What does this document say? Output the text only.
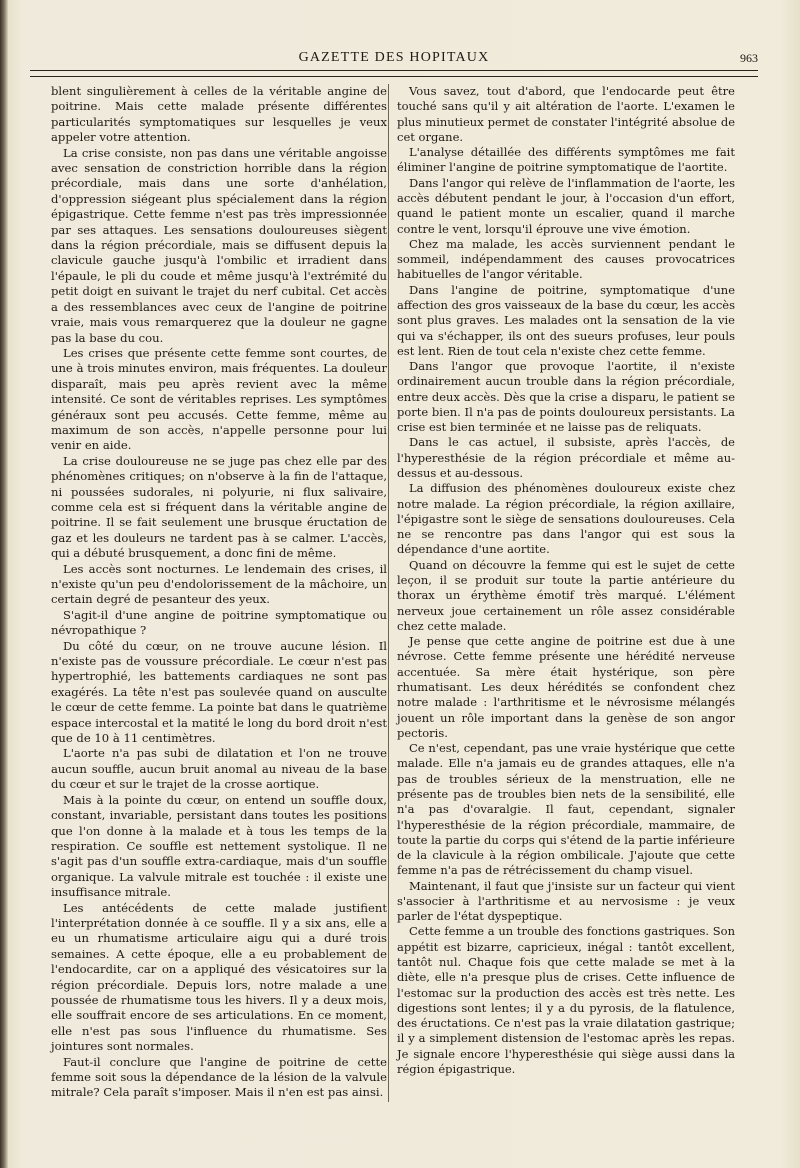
GAZETTE DES HOPITAUX	963

blent singulièrement à celles de la véritable angine de poitrine. Mais cette malade présente différentes particularités symptomatiques sur lesquelles je veux appeler votre attention.

La crise consiste, non pas dans une véritable angoisse avec sensation de constriction horrible dans la région précordiale, mais dans une sorte d'anhélation, d'oppression siégeant plus spécialement dans la région épigastrique. Cette femme n'est pas très impressionnée par ses attaques. Les sensations douloureuses siègent dans la région précordiale, mais se diffusent depuis la clavicule gauche jusqu'à l'ombilic et irradient dans l'épaule, le pli du coude et même jusqu'à l'extrémité du petit doigt en suivant le trajet du nerf cubital. Cet accès a des ressemblances avec ceux de l'angine de poitrine vraie, mais vous remarquerez que la douleur ne gagne pas la base du cou.

Les crises que présente cette femme sont courtes, de une à trois minutes environ, mais fréquentes. La douleur disparaît, mais peu après revient avec la même intensité. Ce sont de véritables reprises. Les symptômes généraux sont peu accusés. Cette femme, même au maximum de son accès, n'appelle personne pour lui venir en aide.

La crise douloureuse ne se juge pas chez elle par des phénomènes critiques; on n'observe à la fin de l'attaque, ni poussées sudorales, ni polyurie, ni flux salivaire, comme cela est si fréquent dans la véritable angine de poitrine. Il se fait seulement une brusque éructation de gaz et les douleurs ne tardent pas à se calmer. L'accès, qui a débuté brusquement, a donc fini de même.

Les accès sont nocturnes. Le lendemain des crises, il n'existe qu'un peu d'endolorissement de la mâchoire, un certain degré de pesanteur des yeux.

S'agit-il d'une angine de poitrine symptomatique ou névropathique ?

Du côté du cœur, on ne trouve aucune lésion. Il n'existe pas de voussure précordiale. Le cœur n'est pas hypertrophié, les battements cardiaques ne sont pas exagérés. La tête n'est pas soulevée quand on ausculte le cœur de cette femme. La pointe bat dans le quatrième espace intercostal et la matité le long du bord droit n'est que de 10 à 11 centimètres.

L'aorte n'a pas subi de dilatation et l'on ne trouve aucun souffle, aucun bruit anomal au niveau de la base du cœur et sur le trajet de la crosse aortique.

Mais à la pointe du cœur, on entend un souffle doux, constant, invariable, persistant dans toutes les positions que l'on donne à la malade et à tous les temps de la respiration. Ce souffle est nettement systolique. Il ne s'agit pas d'un souffle extra-cardiaque, mais d'un souffle organique. La valvule mitrale est touchée : il existe une insuffisance mitrale.

Les antécédents de cette malade justifient l'interprétation donnée à ce souffle. Il y a six ans, elle a eu un rhumatisme articulaire aigu qui a duré trois semaines. A cette époque, elle a eu probablement de l'endocardite, car on a appliqué des vésicatoires sur la région précordiale. Depuis lors, notre malade a une poussée de rhumatisme tous les hivers. Il y a deux mois, elle souffrait encore de ses articulations. En ce moment, elle n'est pas sous l'influence du rhumatisme. Ses jointures sont normales.

Faut-il conclure que l'angine de poitrine de cette femme soit sous la dépendance de la lésion de la valvule mitrale? Cela paraît s'imposer. Mais il n'en est pas ainsi.

Vous savez, tout d'abord, que l'endocarde peut être touché sans qu'il y ait altération de l'aorte. L'examen le plus minutieux permet de constater l'intégrité absolue de cet organe.

L'analyse détaillée des différents symptômes me fait éliminer l'angine de poitrine symptomatique de l'aortite.

Dans l'angor qui relève de l'inflammation de l'aorte, les accès débutent pendant le jour, à l'occasion d'un effort, quand le patient monte un escalier, quand il marche contre le vent, lorsqu'il éprouve une vive émotion.

Chez ma malade, les accès surviennent pendant le sommeil, indépendamment des causes provocatrices habituelles de l'angor véritable.

Dans l'angine de poitrine, symptomatique d'une affection des gros vaisseaux de la base du cœur, les accès sont plus graves. Les malades ont la sensation de la vie qui va s'échapper, ils ont des sueurs profuses, leur pouls est lent. Rien de tout cela n'existe chez cette femme.

Dans l'angor que provoque l'aortite, il n'existe ordinairement aucun trouble dans la région précordiale, entre deux accès. Dès que la crise a disparu, le patient se porte bien. Il n'a pas de points douloureux persistants. La crise est bien terminée et ne laisse pas de reliquats.

Dans le cas actuel, il subsiste, après l'accès, de l'hyperesthésie de la région précordiale et même au-dessus et au-dessous.

La diffusion des phénomènes douloureux existe chez notre malade. La région précordiale, la région axillaire, l'épigastre sont le siège de sensations douloureuses. Cela ne se rencontre pas dans l'angor qui est sous la dépendance d'une aortite.

Quand on découvre la femme qui est le sujet de cette leçon, il se produit sur toute la partie antérieure du thorax un érythème émotif très marqué. L'élément nerveux joue certainement un rôle assez considérable chez cette malade.

Je pense que cette angine de poitrine est due à une névrose. Cette femme présente une hérédité nerveuse accentuée. Sa mère était hystérique, son père rhumatisant. Les deux hérédités se confondent chez notre malade : l'arthritisme et le névrosisme mélangés jouent un rôle important dans la genèse de son angor pectoris.

Ce n'est, cependant, pas une vraie hystérique que cette malade. Elle n'a jamais eu de grandes attaques, elle n'a pas de troubles sérieux de la menstruation, elle ne présente pas de troubles bien nets de la sensibilité, elle n'a pas d'ovaralgie. Il faut, cependant, signaler l'hyperesthésie de la région précordiale, mammaire, de toute la partie du corps qui s'étend de la partie inférieure de la clavicule à la région ombilicale. J'ajoute que cette femme n'a pas de rétrécissement du champ visuel.

Maintenant, il faut que j'insiste sur un facteur qui vient s'associer à l'arthritisme et au nervosisme : je veux parler de l'état dyspeptique.

Cette femme a un trouble des fonctions gastriques. Son appétit est bizarre, capricieux, inégal : tantôt excellent, tantôt nul. Chaque fois que cette malade se met à la diète, elle n'a presque plus de crises. Cette influence de l'estomac sur la production des accès est très nette. Les digestions sont lentes; il y a du pyrosis, de la flatulence, des éructations. Ce n'est pas la vraie dilatation gastrique; il y a simplement distension de l'estomac après les repas. Je signale encore l'hyperesthésie qui siège aussi dans la région épigastrique.
